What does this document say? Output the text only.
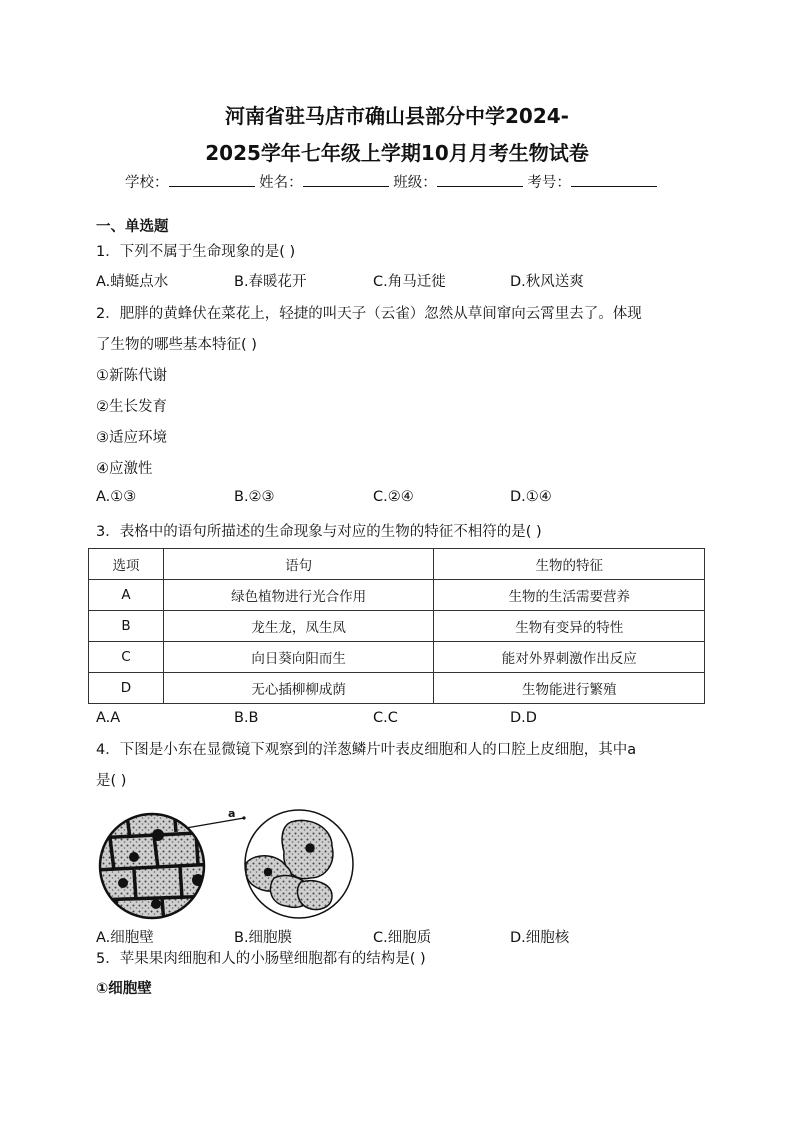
河南省驻马店市确山县部分中学2024-
2025学年七年级上学期10月月考生物试卷
学校：	姓名：	班级：	考号：
一、单选题
1．下列不属于生命现象的是( )
A.蜻蜓点水	B.春暖花开	C.角马迁徙	D.秋风送爽
2．肥胖的黄蜂伏在菜花上，轻捷的叫天子（云雀）忽然从草间窜向云霄里去了。体现
了生物的哪些基本特征( )
①新陈代谢
②生长发育
③适应环境
④应激性
A.①③	B.②③	C.②④	D.①④
3．表格中的语句所描述的生命现象与对应的生物的特征不相符的是( )
选项	语句	生物的特征
A	绿色植物进行光合作用	生物的生活需要营养
B	龙生龙，凤生凤	生物有变异的特性
C	向日葵向阳而生	能对外界刺激作出反应
D	无心插柳柳成荫	生物能进行繁殖
A.A	B.B	C.C	D.D
4．下图是小东在显微镜下观察到的洋葱鳞片叶表皮细胞和人的口腔上皮细胞，其中a
是( )
a
A.细胞壁	B.细胞膜	C.细胞质	D.细胞核
5．苹果果肉细胞和人的小肠壁细胞都有的结构是( )
①细胞壁
